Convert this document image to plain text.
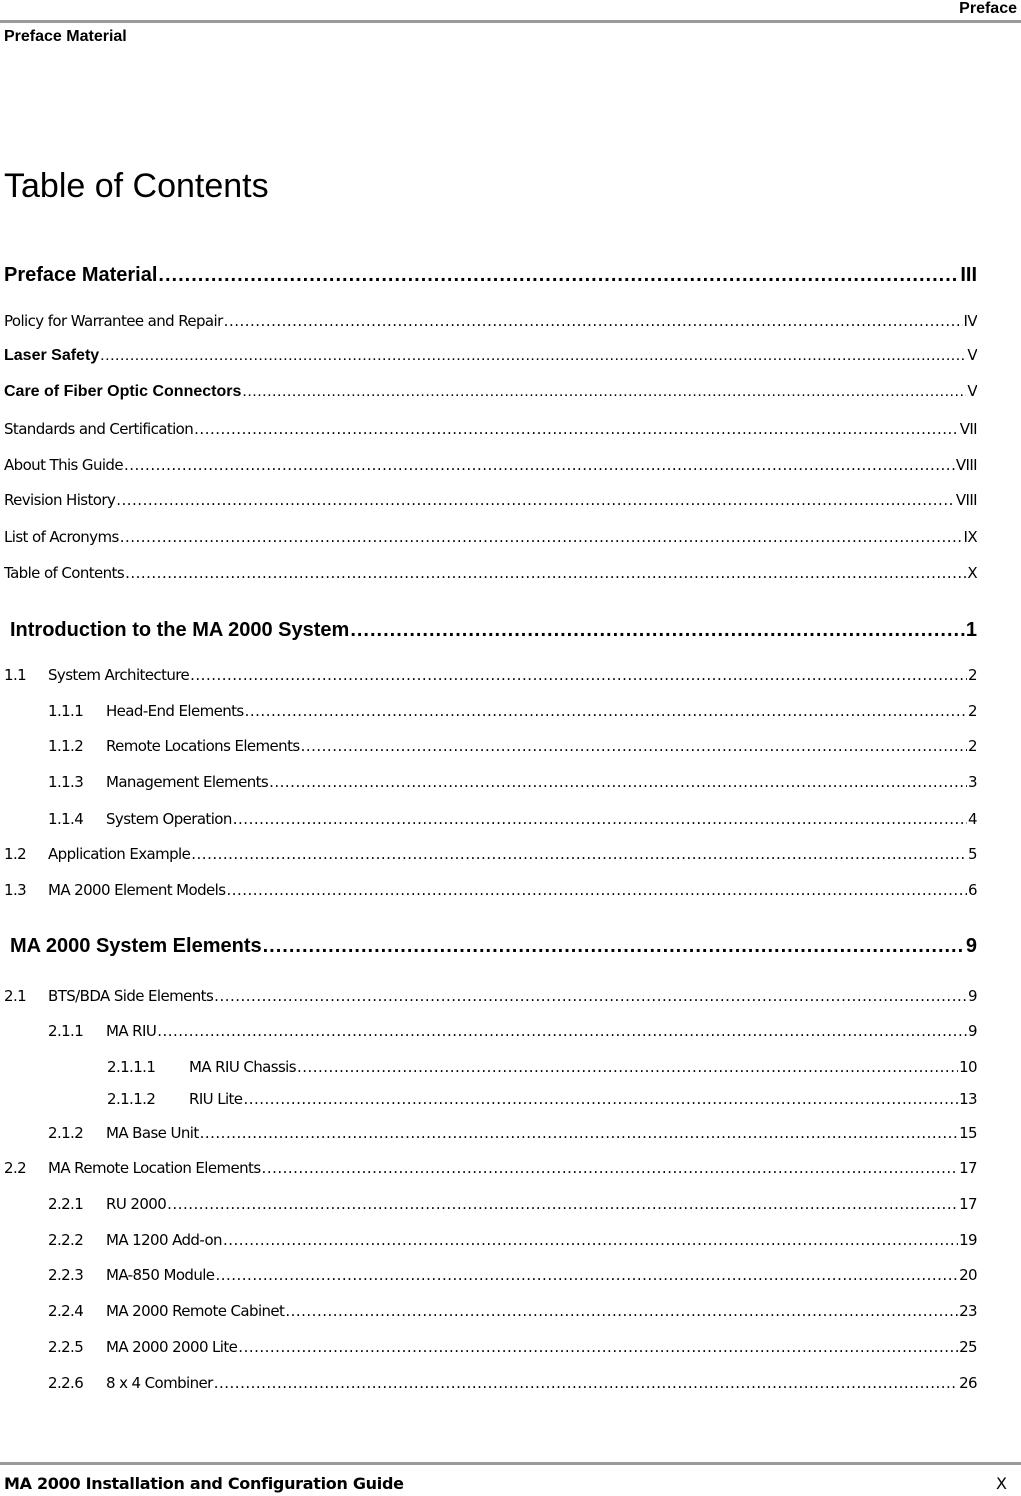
Preface
Preface Material
Table of Contents
Preface Material .....	III
Policy for Warrantee and Repair .....	IV
Laser Safety .....	V
Care of Fiber Optic Connectors .....	V
Standards and Certification .....	VII
About This Guide .....	VIII
Revision History .....	VIII
List of Acronyms .....	IX
Table of Contents .....	X
Introduction to the MA 2000 System .....	1
1.1	System Architecture .....	2
1.1.1	Head-End Elements .....	2
1.1.2	Remote Locations Elements .....	2
1.1.3	Management Elements .....	3
1.1.4	System Operation .....	4
1.2	Application Example .....	5
1.3	MA 2000 Element Models .....	6
MA 2000 System Elements .....	9
2.1	BTS/BDA Side Elements .....	9
2.1.1	MA RIU .....	9
2.1.1.1	MA RIU Chassis .....	10
2.1.1.2	RIU Lite .....	13
2.1.2	MA Base Unit .....	15
2.2	MA Remote Location Elements .....	17
2.2.1	RU 2000 .....	17
2.2.2	MA 1200 Add-on .....	19
2.2.3	MA-850 Module .....	20
2.2.4	MA 2000 Remote Cabinet .....	23
2.2.5	MA 2000 2000 Lite .....	25
2.2.6	8 x 4 Combiner .....	26
MA 2000 Installation and Configuration Guide	X
